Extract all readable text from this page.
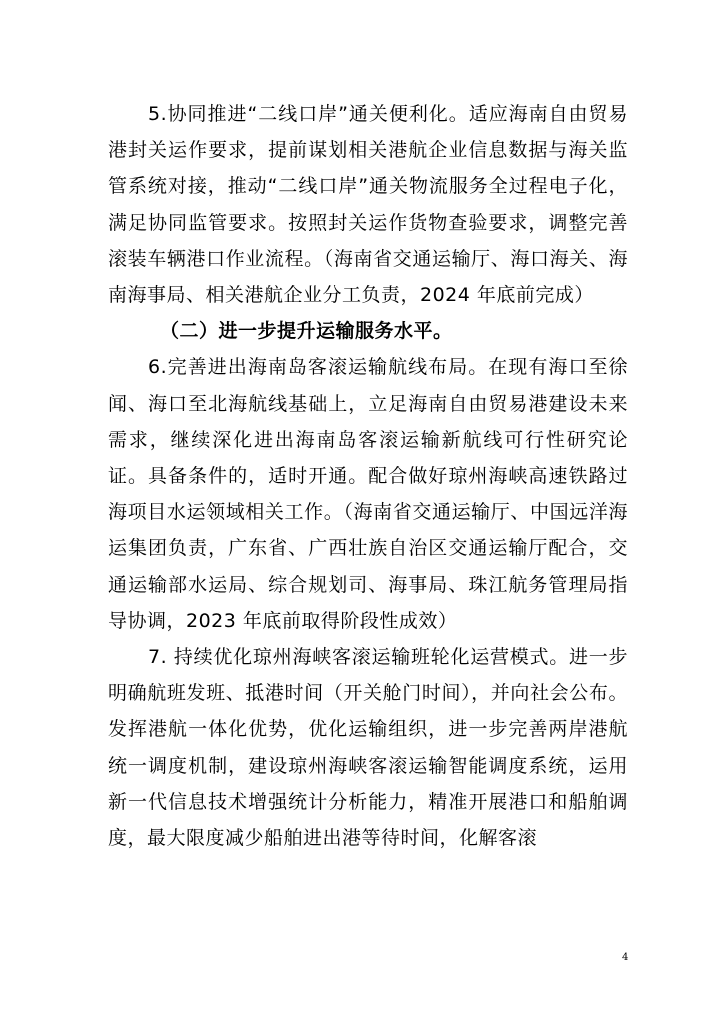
5.协同推进“二线口岸”通关便利化。适应海南自由贸易港封关运作要求，提前谋划相关港航企业信息数据与海关监管系统对接，推动“二线口岸”通关物流服务全过程电子化，满足协同监管要求。按照封关运作货物查验要求，调整完善滚装车辆港口作业流程。（海南省交通运输厅、海口海关、海南海事局、相关港航企业分工负责，2024 年底前完成）

（二）进一步提升运输服务水平。

6.完善进出海南岛客滚运输航线布局。在现有海口至徐闻、海口至北海航线基础上，立足海南自由贸易港建设未来需求，继续深化进出海南岛客滚运输新航线可行性研究论证。具备条件的，适时开通。配合做好琼州海峡高速铁路过海项目水运领域相关工作。（海南省交通运输厅、中国远洋海运集团负责，广东省、广西壮族自治区交通运输厅配合，交通运输部水运局、综合规划司、海事局、珠江航务管理局指导协调，2023 年底前取得阶段性成效）

7. 持续优化琼州海峡客滚运输班轮化运营模式。进一步明确航班发班、抵港时间（开关舱门时间），并向社会公布。发挥港航一体化优势，优化运输组织，进一步完善两岸港航统一调度机制，建设琼州海峡客滚运输智能调度系统，运用新一代信息技术增强统计分析能力，精准开展港口和船舶调度，最大限度减少船舶进出港等待时间，化解客滚

4
